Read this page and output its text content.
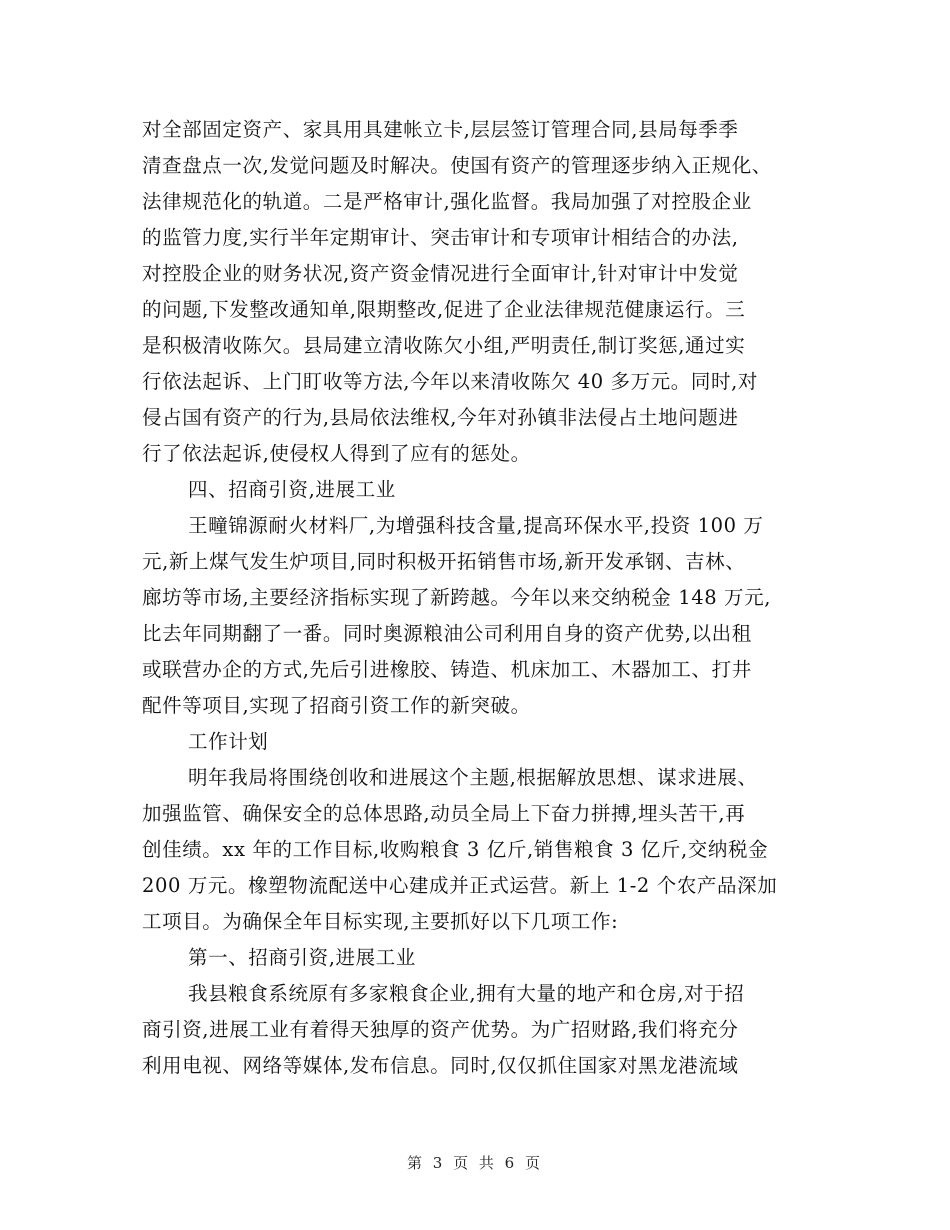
对全部固定资产、家具用具建帐立卡,层层签订管理合同,县局每季季
清查盘点一次,发觉问题及时解决。使国有资产的管理逐步纳入正规化、
法律规范化的轨道。二是严格审计,强化监督。我局加强了对控股企业
的监管力度,实行半年定期审计、突击审计和专项审计相结合的办法,
对控股企业的财务状况,资产资金情况进行全面审计,针对审计中发觉
的问题,下发整改通知单,限期整改,促进了企业法律规范健康运行。三
是积极清收陈欠。县局建立清收陈欠小组,严明责任,制订奖惩,通过实
行依法起诉、上门盯收等方法,今年以来清收陈欠 40 多万元。同时,对
侵占国有资产的行为,县局依法维权,今年对孙镇非法侵占土地问题进
行了依法起诉,使侵权人得到了应有的惩处。
四、招商引资,进展工业
王疃锦源耐火材料厂,为增强科技含量,提高环保水平,投资 100 万
元,新上煤气发生炉项目,同时积极开拓销售市场,新开发承钢、吉林、
廊坊等市场,主要经济指标实现了新跨越。今年以来交纳税金 148 万元,
比去年同期翻了一番。同时奥源粮油公司利用自身的资产优势,以出租
或联营办企的方式,先后引进橡胶、铸造、机床加工、木器加工、打井
配件等项目,实现了招商引资工作的新突破。
工作计划
明年我局将围绕创收和进展这个主题,根据解放思想、谋求进展、
加强监管、确保安全的总体思路,动员全局上下奋力拼搏,埋头苦干,再
创佳绩。xx 年的工作目标,收购粮食 3 亿斤,销售粮食 3 亿斤,交纳税金
200 万元。橡塑物流配送中心建成并正式运营。新上 1-2 个农产品深加
工项目。为确保全年目标实现,主要抓好以下几项工作:
第一、招商引资,进展工业
我县粮食系统原有多家粮食企业,拥有大量的地产和仓房,对于招
商引资,进展工业有着得天独厚的资产优势。为广招财路,我们将充分
利用电视、网络等媒体,发布信息。同时,仅仅抓住国家对黑龙港流域
第 3 页 共 6 页
